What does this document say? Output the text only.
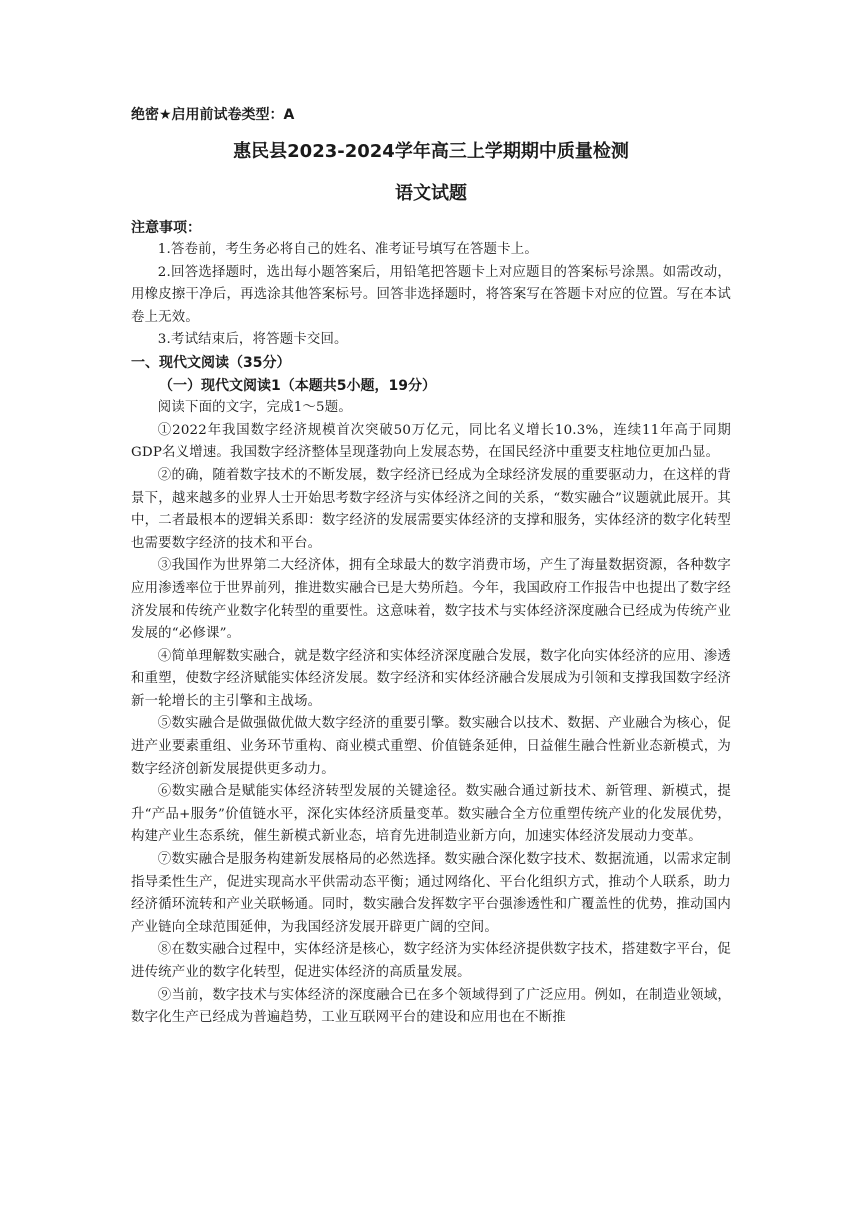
绝密★启用前试卷类型：A

惠民县2023-2024学年高三上学期期中质量检测
语文试题

注意事项：

1.答卷前，考生务必将自己的姓名、准考证号填写在答题卡上。

2.回答选择题时，选出每小题答案后，用铅笔把答题卡上对应题目的答案标号涂黑。如需改动，用橡皮擦干净后，再选涂其他答案标号。回答非选择题时，将答案写在答题卡对应的位置。写在本试卷上无效。

3.考试结束后，将答题卡交回。

一、现代文阅读（35分）

（一）现代文阅读1（本题共5小题，19分）

阅读下面的文字，完成1～5题。

①2022年我国数字经济规模首次突破50万亿元，同比名义增长10.3%，连续11年高于同期GDP名义增速。我国数字经济整体呈现蓬勃向上发展态势，在国民经济中重要支柱地位更加凸显。

②的确，随着数字技术的不断发展，数字经济已经成为全球经济发展的重要驱动力，在这样的背景下，越来越多的业界人士开始思考数字经济与实体经济之间的关系，“数实融合”议题就此展开。其中，二者最根本的逻辑关系即：数字经济的发展需要实体经济的支撑和服务，实体经济的数字化转型也需要数字经济的技术和平台。

③我国作为世界第二大经济体，拥有全球最大的数字消费市场，产生了海量数据资源，各种数字应用渗透率位于世界前列，推进数实融合已是大势所趋。今年，我国政府工作报告中也提出了数字经济发展和传统产业数字化转型的重要性。这意味着，数字技术与实体经济深度融合已经成为传统产业发展的“必修课”。

④简单理解数实融合，就是数字经济和实体经济深度融合发展，数字化向实体经济的应用、渗透和重塑，使数字经济赋能实体经济发展。数字经济和实体经济融合发展成为引领和支撑我国数字经济新一轮增长的主引擎和主战场。

⑤数实融合是做强做优做大数字经济的重要引擎。数实融合以技术、数据、产业融合为核心，促进产业要素重组、业务环节重构、商业模式重塑、价值链条延伸，日益催生融合性新业态新模式，为数字经济创新发展提供更多动力。

⑥数实融合是赋能实体经济转型发展的关键途径。数实融合通过新技术、新管理、新模式，提升“产品+服务”价值链水平，深化实体经济质量变革。数实融合全方位重塑传统产业的化发展优势，构建产业生态系统，催生新模式新业态，培育先进制造业新方向，加速实体经济发展动力变革。

⑦数实融合是服务构建新发展格局的必然选择。数实融合深化数字技术、数据流通，以需求定制指导柔性生产，促进实现高水平供需动态平衡；通过网络化、平台化组织方式，推动个人联系，助力经济循环流转和产业关联畅通。同时，数实融合发挥数字平台强渗透性和广覆盖性的优势，推动国内产业链向全球范围延伸，为我国经济发展开辟更广阔的空间。

⑧在数实融合过程中，实体经济是核心，数字经济为实体经济提供数字技术，搭建数字平台，促进传统产业的数字化转型，促进实体经济的高质量发展。

⑨当前，数字技术与实体经济的深度融合已在多个领域得到了广泛应用。例如，在制造业领域，数字化生产已经成为普遍趋势，工业互联网平台的建设和应用也在不断推
